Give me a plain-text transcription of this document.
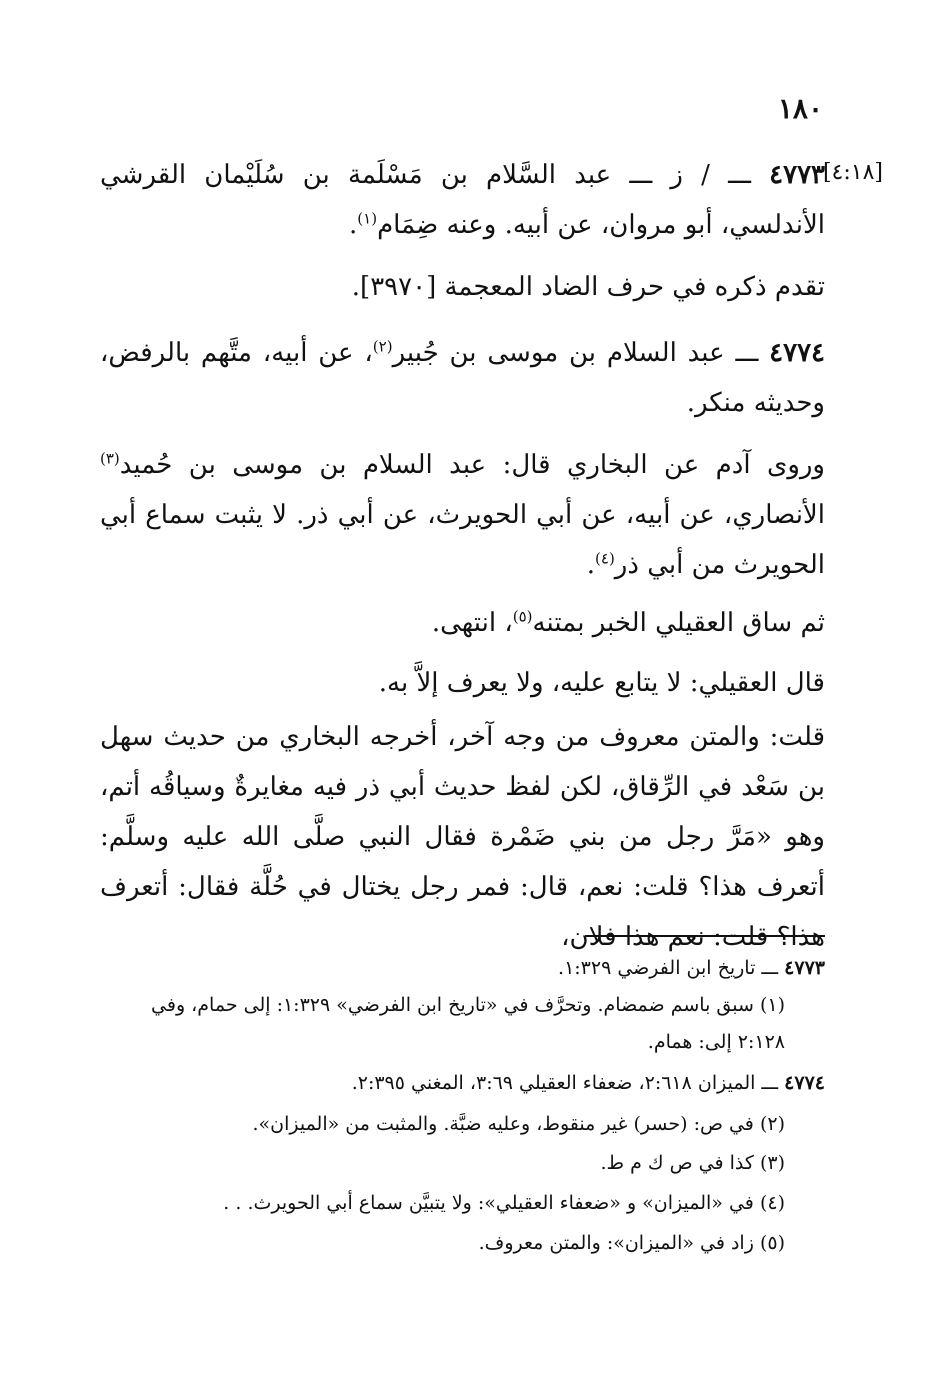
١٨٠
[٤:١٨]
٤٧٧٣ ـــ / ز ـــ عبد السَّلام بن مَسْلَمة بن سُلَيْمان القرشي الأندلسي، أبو مروان، عن أبيه. وعنه ضِمَام$^{(١)}$.
تقدم ذكره في حرف الضاد المعجمة [٣٩٧٠].
٤٧٧٤ ـــ عبد السلام بن موسى بن جُبير$^{(٢)}$، عن أبيه، متَّهم بالرفض، وحديثه منكر.
وروى آدم عن البخاري قال: عبد السلام بن موسى بن حُميد$^{(٣)}$ الأنصاري، عن أبيه، عن أبي الحويرث، عن أبي ذر. لا يثبت سماع أبي الحويرث من أبي ذر$^{(٤)}$.
ثم ساق العقيلي الخبر بمتنه$^{(٥)}$، انتهى.
قال العقيلي: لا يتابع عليه، ولا يعرف إلاَّ به.
قلت: والمتن معروف من وجه آخر، أخرجه البخاري من حديث سهل بن سَعْد في الرِّقاق، لكن لفظ حديث أبي ذر فيه مغايرةٌ وسياقُه أتم، وهو «مَرَّ رجل من بني ضَمْرة فقال النبي صلَّى الله عليه وسلَّم: أتعرف هذا؟ قلت: نعم، قال: فمر رجل يختال في حُلَّة فقال: أتعرف هذا؟ قلت: نعم هذا فلان،
٤٧٧٣ ـــ تاريخ ابن الفرضي ١:٣٢٩.
(١) سبق باسم ضمضام. وتحرَّف في «تاريخ ابن الفرضي» ١:٣٢٩: إلى حمام، وفي ٢:١٢٨ إلى: همام.
٤٧٧٤ ـــ الميزان ٢:٦١٨، ضعفاء العقيلي ٣:٦٩، المغني ٢:٣٩٥.
(٢) في ص: (حسر) غير منقوط، وعليه ضبَّة. والمثبت من «الميزان».
(٣) كذا في ص ك م ط.
(٤) في «الميزان» و «ضعفاء العقيلي»: ولا يتبيَّن سماع أبي الحويرث. . .
(٥) زاد في «الميزان»: والمتن معروف.
